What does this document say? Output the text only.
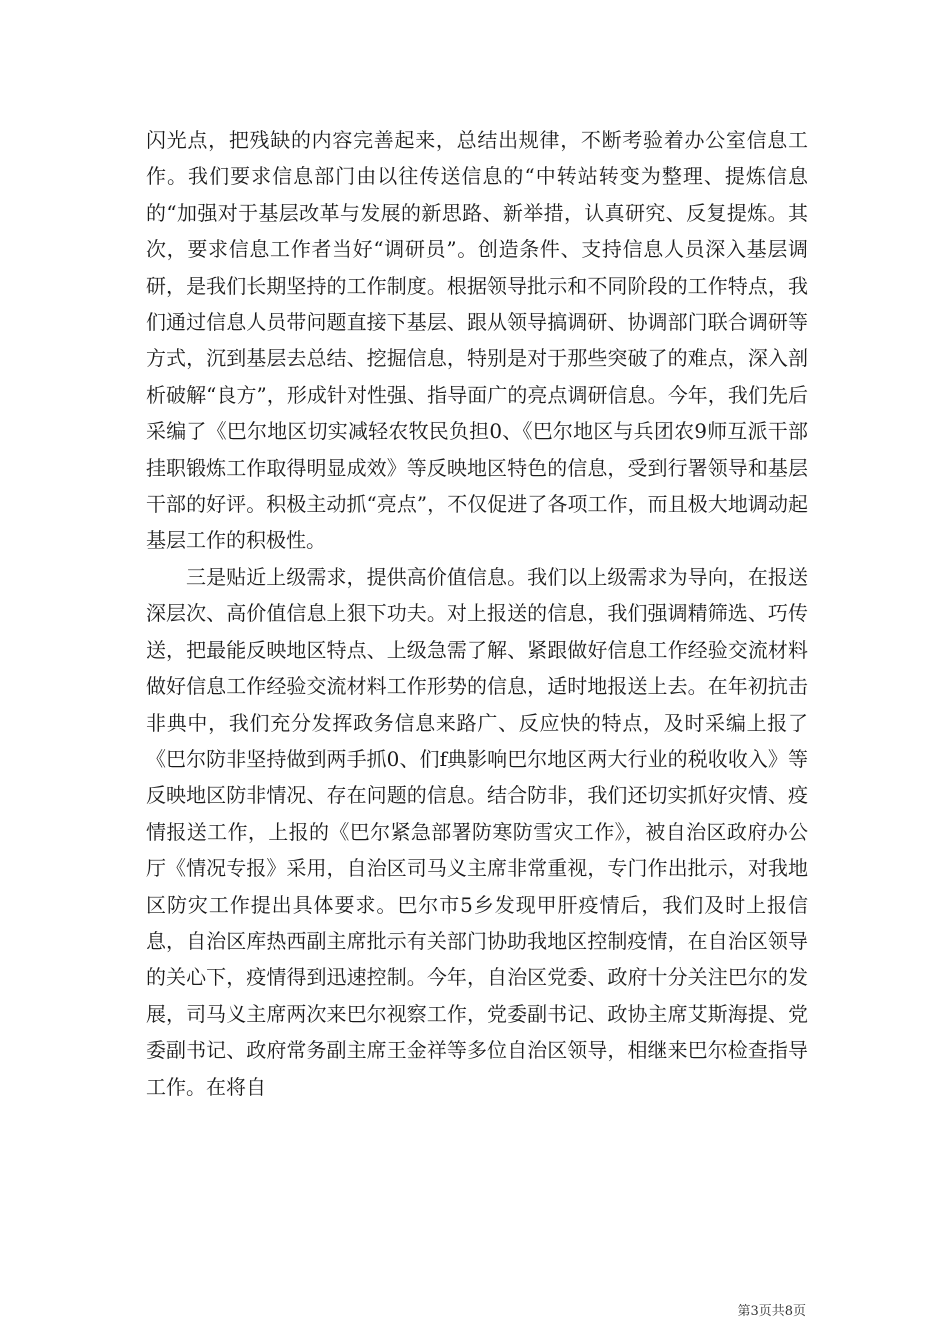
闪光点，把残缺的内容完善起来，总结出规律，不断考验着办公室信息工作。我们要求信息部门由以往传送信息的“中转站转变为整理、提炼信息的“加强对于基层改革与发展的新思路、新举措，认真研究、反复提炼。其次，要求信息工作者当好“调研员”。创造条件、支持信息人员深入基层调研，是我们长期坚持的工作制度。根据领导批示和不同阶段的工作特点，我们通过信息人员带问题直接下基层、跟从领导搞调研、协调部门联合调研等方式，沉到基层去总结、挖掘信息，特别是对于那些突破了的难点，深入剖析破解“良方”，形成针对性强、指导面广的亮点调研信息。今年，我们先后采编了《巴尔地区切实减轻农牧民负担0、《巴尔地区与兵团农9师互派干部挂职锻炼工作取得明显成效》等反映地区特色的信息，受到行署领导和基层干部的好评。积极主动抓“亮点”，不仅促进了各项工作，而且极大地调动起基层工作的积极性。

三是贴近上级需求，提供高价值信息。我们以上级需求为导向，在报送深层次、高价值信息上狠下功夫。对上报送的信息，我们强调精筛选、巧传送，把最能反映地区特点、上级急需了解、紧跟做好信息工作经验交流材料做好信息工作经验交流材料工作形势的信息，适时地报送上去。在年初抗击非典中，我们充分发挥政务信息来路广、反应快的特点，及时采编上报了《巴尔防非坚持做到两手抓0、们f典影响巴尔地区两大行业的税收收入》等反映地区防非情况、存在问题的信息。结合防非，我们还切实抓好灾情、疫情报送工作，上报的《巴尔紧急部署防寒防雪灾工作》，被自治区政府办公厅《情况专报》采用，自治区司马义主席非常重视，专门作出批示，对我地区防灾工作提出具体要求。巴尔市5乡发现甲肝疫情后，我们及时上报信息，自治区库热西副主席批示有关部门协助我地区控制疫情，在自治区领导的关心下，疫情得到迅速控制。今年，自治区党委、政府十分关注巴尔的发展，司马义主席两次来巴尔视察工作，党委副书记、政协主席艾斯海提、党委副书记、政府常务副主席王金祥等多位自治区领导，相继来巴尔检查指导工作。在将自

第3页共8页
